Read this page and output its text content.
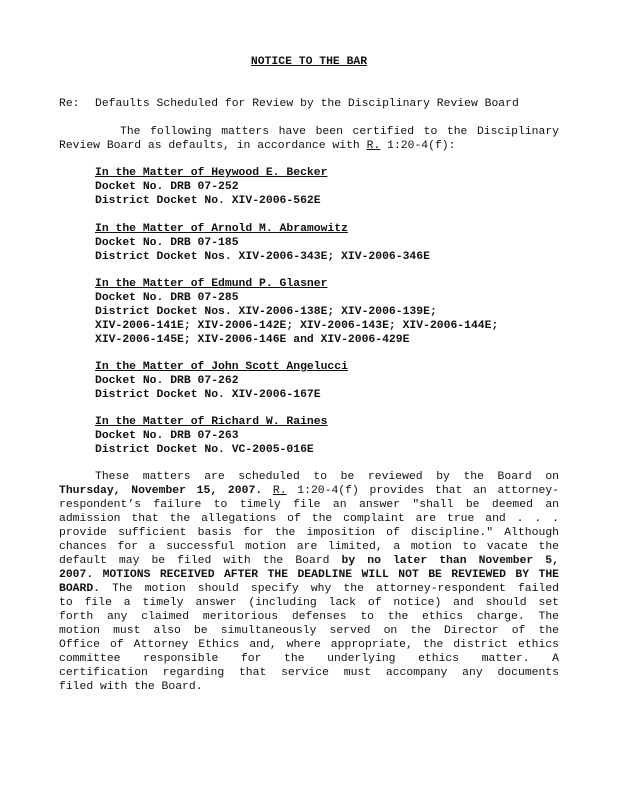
NOTICE TO THE BAR
Re: Defaults Scheduled for Review by the Disciplinary Review Board
The following matters have been certified to the Disciplinary
Review Board as defaults, in accordance with R. 1:20-4(f):
In the Matter of Heywood E. Becker
Docket No. DRB 07-252
District Docket No. XIV-2006-562E
In the Matter of Arnold M. Abramowitz
Docket No. DRB 07-185
District Docket Nos. XIV-2006-343E; XIV-2006-346E
In the Matter of Edmund P. Glasner
Docket No. DRB 07-285
District Docket Nos. XIV-2006-138E; XIV-2006-139E;
XIV-2006-141E; XIV-2006-142E; XIV-2006-143E; XIV-2006-144E;
XIV-2006-145E; XIV-2006-146E and XIV-2006-429E
In the Matter of John Scott Angelucci
Docket No. DRB 07-262
District Docket No. XIV-2006-167E
In the Matter of Richard W. Raines
Docket No. DRB 07-263
District Docket No. VC-2005-016E
These matters are scheduled to be reviewed by the Board on
Thursday, November 15, 2007. R. 1:20-4(f) provides that an attorney-
respondent’s failure to timely file an answer "shall be deemed an
admission that the allegations of the complaint are true and . . .
provide sufficient basis for the imposition of discipline." Although
chances for a successful motion are limited, a motion to vacate the
default may be filed with the Board by no later than November 5,
2007. MOTIONS RECEIVED AFTER THE DEADLINE WILL NOT BE REVIEWED BY THE
BOARD. The motion should specify why the attorney-respondent failed
to file a timely answer (including lack of notice) and should set
forth any claimed meritorious defenses to the ethics charge. The
motion must also be simultaneously served on the Director of the
Office of Attorney Ethics and, where appropriate, the district ethics
committee responsible for the underlying ethics matter. A
certification regarding that service must accompany any documents
filed with the Board.
